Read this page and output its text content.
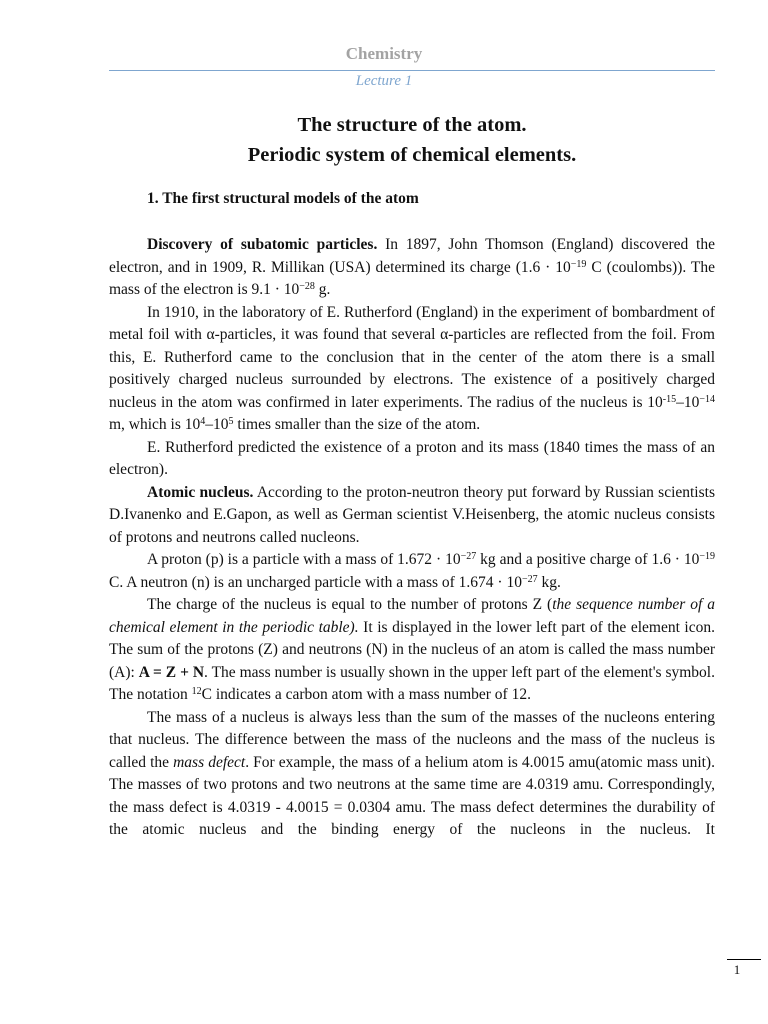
Chemistry
Lecture 1
The structure of the atom.
Periodic system of chemical elements.
1. The first structural models of the atom

Discovery of subatomic particles. In 1897, John Thomson (England) discovered the electron, and in 1909, R. Millikan (USA) determined its charge ($1.6 \cdot 10^{-19}$ C (coulombs)). The mass of the electron is $9.1 \cdot 10^{-28}$ g.

In 1910, in the laboratory of E. Rutherford (England) in the experiment of bombardment of metal foil with α-particles, it was found that several α-particles are reflected from the foil. From this, E. Rutherford came to the conclusion that in the center of the atom there is a small positively charged nucleus surrounded by electrons. The existence of a positively charged nucleus in the atom was confirmed in later experiments. The radius of the nucleus is $10^{-15}-10^{-14}$ m, which is $10^4-10^5$ times smaller than the size of the atom.

E. Rutherford predicted the existence of a proton and its mass (1840 times the mass of an electron).

Atomic nucleus. According to the proton-neutron theory put forward by Russian scientists D.Ivanenko and E.Gapon, as well as German scientist V.Heisenberg, the atomic nucleus consists of protons and neutrons called nucleons.

A proton (p) is a particle with a mass of $1.672 \cdot 10^{-27}$ kg and a positive charge of $1.6 \cdot 10^{-19}$ C. A neutron (n) is an uncharged particle with a mass of $1.674 \cdot 10^{-27}$ kg.

The charge of the nucleus is equal to the number of protons Z (the sequence number of a chemical element in the periodic table). It is displayed in the lower left part of the element icon. The sum of the protons (Z) and neutrons (N) in the nucleus of an atom is called the mass number (A): A = Z + N. The mass number is usually shown in the upper left part of the element's symbol. The notation $^{12}$C indicates a carbon atom with a mass number of 12.

The mass of a nucleus is always less than the sum of the masses of the nucleons entering that nucleus. The difference between the mass of the nucleons and the mass of the nucleus is called the mass defect. For example, the mass of a helium atom is 4.0015 amu(atomic mass unit). The masses of two protons and two neutrons at the same time are 4.0319 amu. Correspondingly, the mass defect is 4.0319 - 4.0015 = 0.0304 amu. The mass defect determines the durability of the atomic nucleus and the binding energy of the nucleons in the nucleus. It

1
